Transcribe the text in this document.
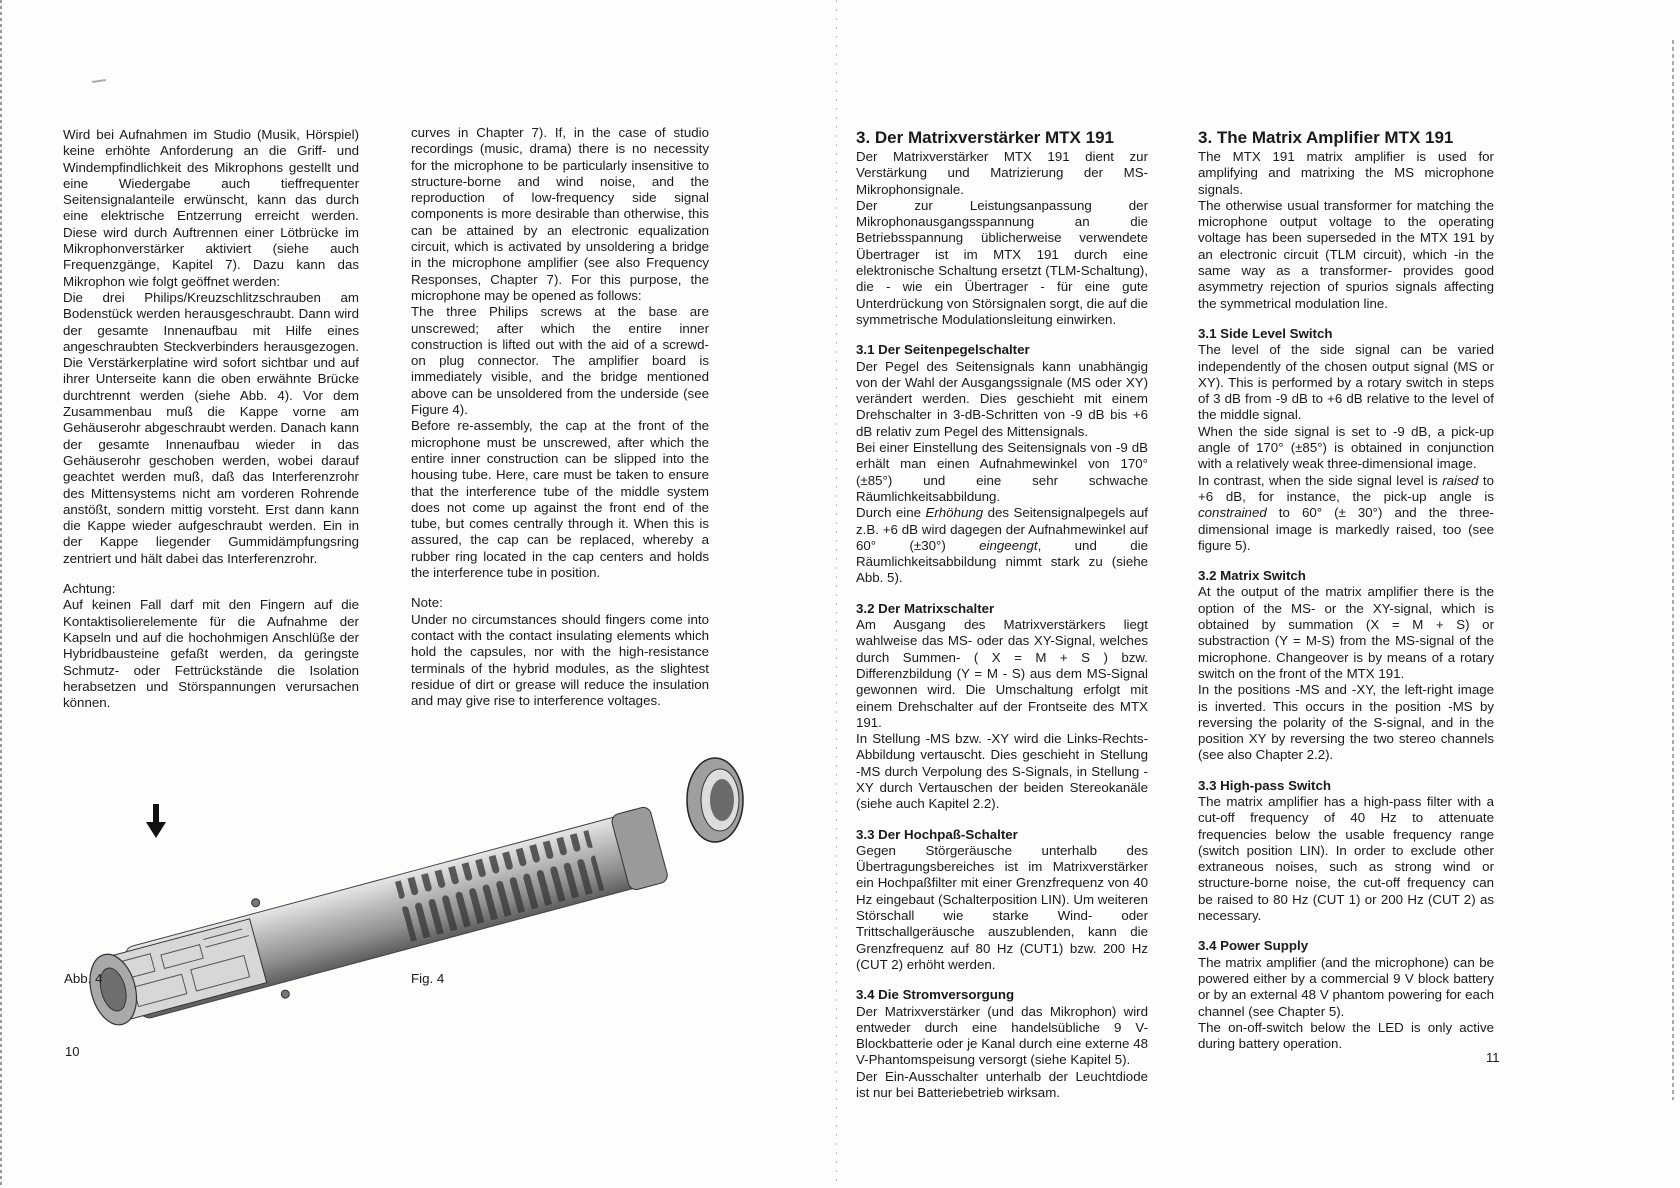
Wird bei Aufnahmen im Studio (Musik, Hörspiel) keine erhöhte Anforderung an die Griff- und Windempfindlichkeit des Mikrophons gestellt und eine Wiedergabe auch tieffrequenter Seitensignalanteile erwünscht, kann das durch eine elektrische Entzerrung erreicht werden. Diese wird durch Auftrennen einer Lötbrücke im Mikrophonverstärker aktiviert (siehe auch Frequenzgänge, Kapitel 7). Dazu kann das Mikrophon wie folgt geöffnet werden:

Die drei Philips/Kreuzschlitzschrauben am Bodenstück werden herausgeschraubt. Dann wird der gesamte Innenaufbau mit Hilfe eines angeschraubten Steckverbinders herausgezogen. Die Verstärkerplatine wird sofort sichtbar und auf ihrer Unterseite kann die oben erwähnte Brücke durchtrennt werden (siehe Abb. 4). Vor dem Zusammenbau muß die Kappe vorne am Gehäuserohr abgeschraubt werden. Danach kann der gesamte Innenaufbau wieder in das Gehäuserohr geschoben werden, wobei darauf geachtet werden muß, daß das Interferenzrohr des Mittensystems nicht am vorderen Rohrende anstößt, sondern mittig vorsteht. Erst dann kann die Kappe wieder aufgeschraubt werden. Ein in der Kappe liegender Gummidämpfungsring zentriert und hält dabei das Interferenzrohr.

Achtung:

Auf keinen Fall darf mit den Fingern auf die Kontaktisolierelemente für die Aufnahme der Kapseln und auf die hochohmigen Anschlüße der Hybridbausteine gefaßt werden, da geringste Schmutz- oder Fettrückstände die Isolation herabsetzen und Störspannungen verursachen können.

curves in Chapter 7). If, in the case of studio recordings (music, drama) there is no necessity for the microphone to be particularly insensitive to structure-borne and wind noise, and the reproduction of low-frequency side signal components is more desirable than otherwise, this can be attained by an electronic equalization circuit, which is activated by unsoldering a bridge in the microphone amplifier (see also Frequency Responses, Chapter 7). For this purpose, the microphone may be opened as follows:

The three Philips screws at the base are unscrewed; after which the entire inner construction is lifted out with the aid of a screwd-on plug connector. The amplifier board is immediately visible, and the bridge mentioned above can be unsoldered from the underside (see Figure 4).

Before re-assembly, the cap at the front of the microphone must be unscrewed, after which the entire inner construction can be slipped into the housing tube. Here, care must be taken to ensure that the interference tube of the middle system does not come up against the front end of the tube, but comes centrally through it. When this is assured, the cap can be replaced, whereby a rubber ring located in the cap centers and holds the interference tube in position.

Note:

Under no circumstances should fingers come into contact with the contact insulating elements which hold the capsules, nor with the high-resistance terminals of the hybrid modules, as the slightest residue of dirt or grease will reduce the insulation and may give rise to interference voltages.

Abb. 4	Fig. 4
10

3. Der Matrixverstärker MTX 191

Der Matrixverstärker MTX 191 dient zur Verstärkung und Matrizierung der MS-Mikrophonsignale.

Der zur Leistungsanpassung der Mikrophonausgangsspannung an die Betriebsspannung üblicherweise verwendete Übertrager ist im MTX 191 durch eine elektronische Schaltung ersetzt (TLM-Schaltung), die - wie ein Übertrager - für eine gute Unterdrückung von Störsignalen sorgt, die auf die symmetrische Modulationsleitung einwirken.

3.1 Der Seitenpegelschalter

Der Pegel des Seitensignals kann unabhängig von der Wahl der Ausgangssignale (MS oder XY) verändert werden. Dies geschieht mit einem Drehschalter in 3-dB-Schritten von -9 dB bis +6 dB relativ zum Pegel des Mittensignals.

Bei einer Einstellung des Seitensignals von -9 dB erhält man einen Aufnahmewinkel von 170° (±85°) und eine sehr schwache Räumlichkeitsabbildung.

Durch eine Erhöhung des Seitensignalpegels auf z.B. +6 dB wird dagegen der Aufnahmewinkel auf 60° (±30°) eingeengt, und die Räumlichkeitsabbildung nimmt stark zu (siehe Abb. 5).

3.2 Der Matrixschalter

Am Ausgang des Matrixverstärkers liegt wahlweise das MS- oder das XY-Signal, welches durch Summen- ( X = M + S ) bzw. Differenzbildung (Y = M - S) aus dem MS-Signal gewonnen wird. Die Umschaltung erfolgt mit einem Drehschalter auf der Frontseite des MTX 191.

In Stellung -MS bzw. -XY wird die Links-Rechts-Abbildung vertauscht. Dies geschieht in Stellung -MS durch Verpolung des S-Signals, in Stellung -XY durch Vertauschen der beiden Stereokanäle (siehe auch Kapitel 2.2).

3.3 Der Hochpaß-Schalter

Gegen Störgeräusche unterhalb des Übertragungsbereiches ist im Matrixverstärker ein Hochpaßfilter mit einer Grenzfrequenz von 40 Hz eingebaut (Schalterposition LIN). Um weiteren Störschall wie starke Wind- oder Trittschallgeräusche auszublenden, kann die Grenzfrequenz auf 80 Hz (CUT1) bzw. 200 Hz (CUT 2) erhöht werden.

3.4 Die Stromversorgung

Der Matrixverstärker (und das Mikrophon) wird entweder durch eine handelsübliche 9 V-Blockbatterie oder je Kanal durch eine externe 48 V-Phantomspeisung versorgt (siehe Kapitel 5).

Der Ein-Ausschalter unterhalb der Leuchtdiode ist nur bei Batteriebetrieb wirksam.

3. The Matrix Amplifier MTX 191

The MTX 191 matrix amplifier is used for amplifying and matrixing the MS microphone signals.

The otherwise usual transformer for matching the microphone output voltage to the operating voltage has been superseded in the MTX 191 by an electronic circuit (TLM circuit), which -in the same way as a transformer- provides good asymmetry rejection of spurios signals affecting the symmetrical modulation line.

3.1 Side Level Switch

The level of the side signal can be varied independently of the chosen output signal (MS or XY). This is performed by a rotary switch in steps of 3 dB from -9 dB to +6 dB relative to the level of the middle signal.

When the side signal is set to -9 dB, a pick-up angle of 170° (±85°) is obtained in conjunction with a relatively weak three-dimensional image.

In contrast, when the side signal level is raised to +6 dB, for instance, the pick-up angle is constrained to 60° (± 30°) and the three-dimensional image is markedly raised, too (see figure 5).

3.2 Matrix Switch

At the output of the matrix amplifier there is the option of the MS- or the XY-signal, which is obtained by summation (X = M + S) or substraction (Y = M-S) from the MS-signal of the microphone. Changeover is by means of a rotary switch on the front of the MTX 191.

In the positions -MS and -XY, the left-right image is inverted. This occurs in the position -MS by reversing the polarity of the S-signal, and in the position XY by reversing the two stereo channels (see also Chapter 2.2).

3.3 High-pass Switch

The matrix amplifier has a high-pass filter with a cut-off frequency of 40 Hz to attenuate frequencies below the usable frequency range (switch position LIN). In order to exclude other extraneous noises, such as strong wind or structure-borne noise, the cut-off frequency can be raised to 80 Hz (CUT 1) or 200 Hz (CUT 2) as necessary.

3.4 Power Supply

The matrix amplifier (and the microphone) can be powered either by a commercial 9 V block battery or by an external 48 V phantom powering for each channel (see Chapter 5).

The on-off-switch below the LED is only active during battery operation.

11
